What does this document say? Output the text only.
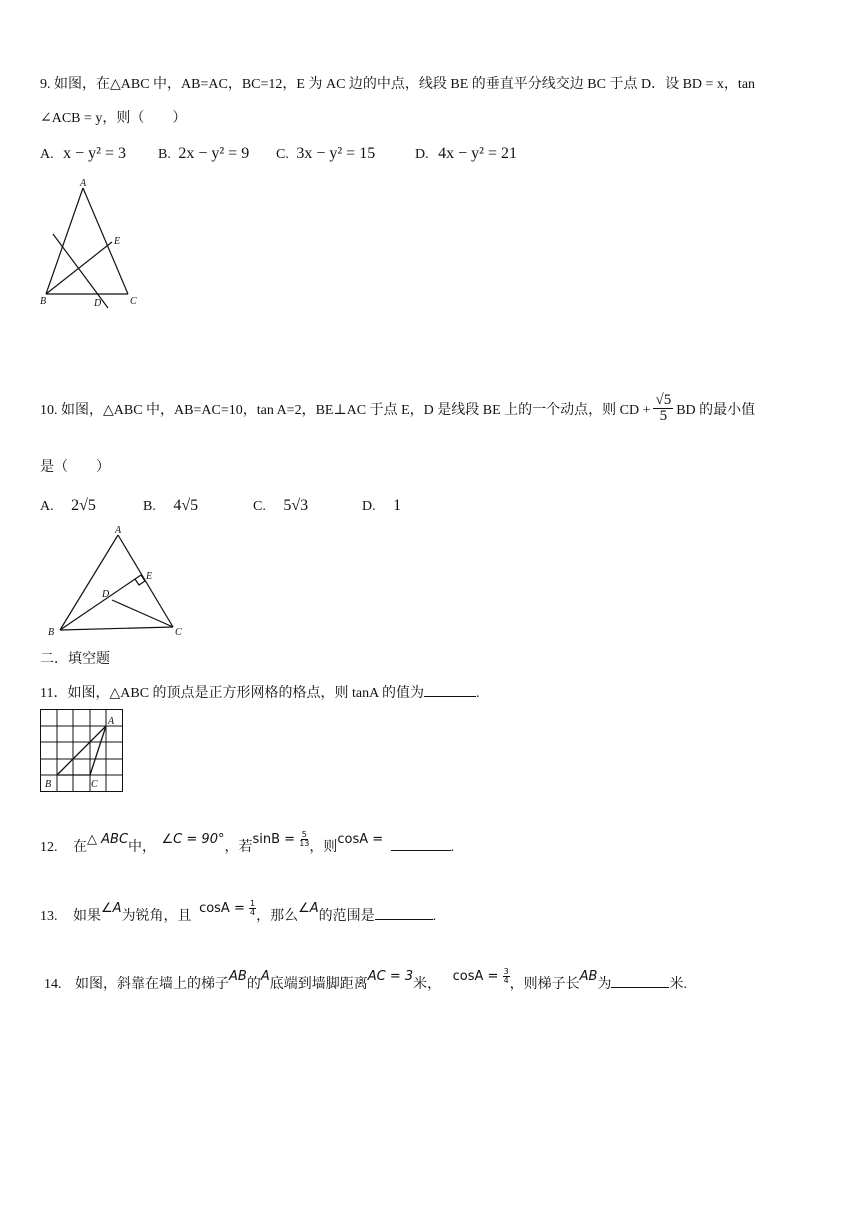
9. 如图，在△ABC 中，AB=AC，BC=12，E 为 AC 边的中点，线段 BE 的垂直平分线交边 BC 于点 D．设 BD = x，tan
∠ACB = y，则（　　）
A. x − y² = 3 B. 2x − y² = 9 C. 3x − y² = 15	D. 4x − y² = 21
A
E
B	D	C
10. 如图，△ABC 中，AB=AC=10，tan A=2，BE⊥AC 于点 E，D 是线段 BE 上的一个动点，则 CD + $\frac{√5}{5}$ BD 的最小值
是（　　）
A. 2√5	B. 4√5	C. 5√3	D. 1
A
E
D
B	C
二．填空题
11．如图，△ABC 的顶点是正方形网格的格点，则 tanA 的值为	.
A
B	C
12. 在△ ABC中， ∠C = 90°，若$\sin B = \frac{5}{13}$ ，则cosA = .
13. 如果∠A为锐角，且 $\cos A = \frac{1}{4}$ ，那么∠A的范围是	.
14. 如图，斜靠在墙上的梯子AB的A底端到墙脚距离AC = 3米， $\cos A = \frac{3}{4}$ ，则梯子长AB为	米.
